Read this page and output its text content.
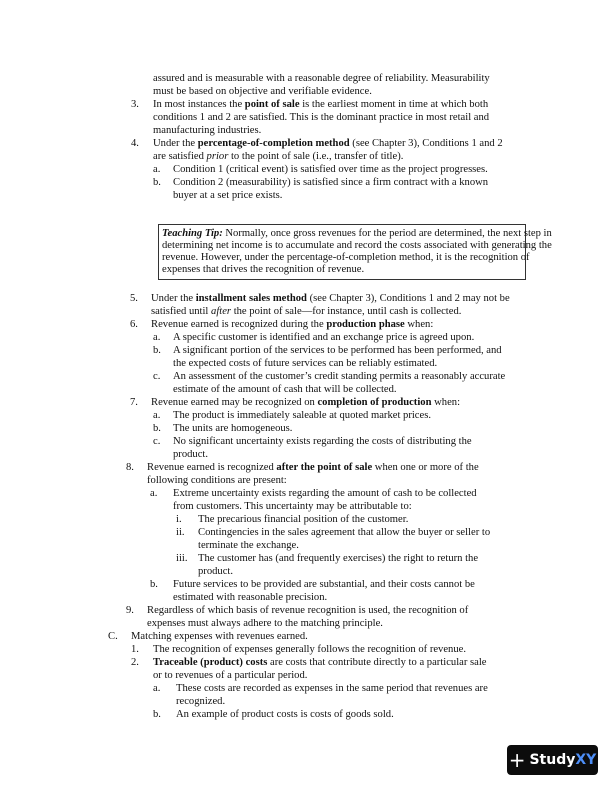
assured and is measurable with a reasonable degree of reliability. Measurability
must be based on objective and verifiable evidence.
3. In most instances the point of sale is the earliest moment in time at which both
conditions 1 and 2 are satisfied. This is the dominant practice in most retail and
manufacturing industries.
4. Under the percentage-of-completion method (see Chapter 3), Conditions 1 and 2
are satisfied prior to the point of sale (i.e., transfer of title).
a. Condition 1 (critical event) is satisfied over time as the project progresses.
b. Condition 2 (measurability) is satisfied since a firm contract with a known
buyer at a set price exists.
Teaching Tip: Normally, once gross revenues for the period are determined, the next step in
determining net income is to accumulate and record the costs associated with generating the
revenue. However, under the percentage-of-completion method, it is the recognition of
expenses that drives the recognition of revenue.
5. Under the installment sales method (see Chapter 3), Conditions 1 and 2 may not be
satisfied until after the point of sale—for instance, until cash is collected.
6. Revenue earned is recognized during the production phase when:
a. A specific customer is identified and an exchange price is agreed upon.
b. A significant portion of the services to be performed has been performed, and
the expected costs of future services can be reliably estimated.
c. An assessment of the customer’s credit standing permits a reasonably accurate
estimate of the amount of cash that will be collected.
7. Revenue earned may be recognized on completion of production when:
a. The product is immediately saleable at quoted market prices.
b. The units are homogeneous.
c. No significant uncertainty exists regarding the costs of distributing the
product.
8. Revenue earned is recognized after the point of sale when one or more of the
following conditions are present:
a. Extreme uncertainty exists regarding the amount of cash to be collected
from customers. This uncertainty may be attributable to:
i. The precarious financial position of the customer.
ii. Contingencies in the sales agreement that allow the buyer or seller to
terminate the exchange.
iii. The customer has (and frequently exercises) the right to return the
product.
b. Future services to be provided are substantial, and their costs cannot be
estimated with reasonable precision.
9. Regardless of which basis of revenue recognition is used, the recognition of
expenses must always adhere to the matching principle.
C. Matching expenses with revenues earned.
1. The recognition of expenses generally follows the recognition of revenue.
2. Traceable (product) costs are costs that contribute directly to a particular sale
or to revenues of a particular period.
a. These costs are recorded as expenses in the same period that revenues are
recognized.
b. An example of product costs is costs of goods sold.
+ StudyXY
